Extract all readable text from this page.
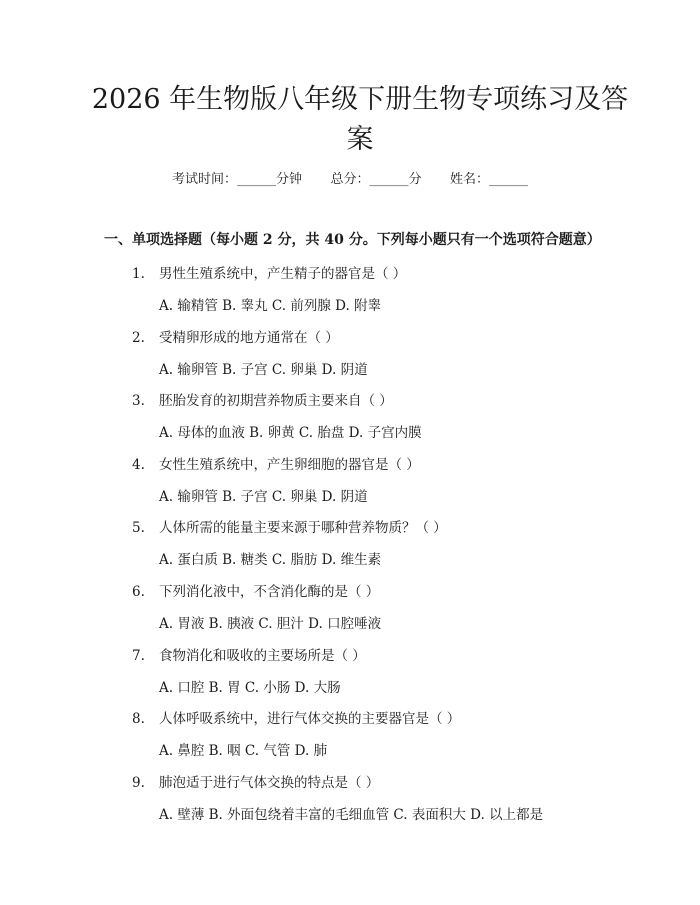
2026 年生物版八年级下册生物专项练习及答
案
考试时间：______分钟 总分：______分 姓名：______
一、单项选择题（每小题 2 分，共 40 分。下列每小题只有一个选项符合题意）
1. 男性生殖系统中，产生精子的器官是（ ）
A. 输精管 B. 睾丸 C. 前列腺 D. 附睾
2. 受精卵形成的地方通常在（ ）
A. 输卵管 B. 子宫 C. 卵巢 D. 阴道
3. 胚胎发育的初期营养物质主要来自（ ）
A. 母体的血液 B. 卵黄 C. 胎盘 D. 子宫内膜
4. 女性生殖系统中，产生卵细胞的器官是（ ）
A. 输卵管 B. 子宫 C. 卵巢 D. 阴道
5. 人体所需的能量主要来源于哪种营养物质？（ ）
A. 蛋白质 B. 糖类 C. 脂肪 D. 维生素
6. 下列消化液中，不含消化酶的是（ ）
A. 胃液 B. 胰液 C. 胆汁 D. 口腔唾液
7. 食物消化和吸收的主要场所是（ ）
A. 口腔 B. 胃 C. 小肠 D. 大肠
8. 人体呼吸系统中，进行气体交换的主要器官是（ ）
A. 鼻腔 B. 咽 C. 气管 D. 肺
9. 肺泡适于进行气体交换的特点是（ ）
A. 壁薄 B. 外面包绕着丰富的毛细血管 C. 表面积大 D. 以上都是
